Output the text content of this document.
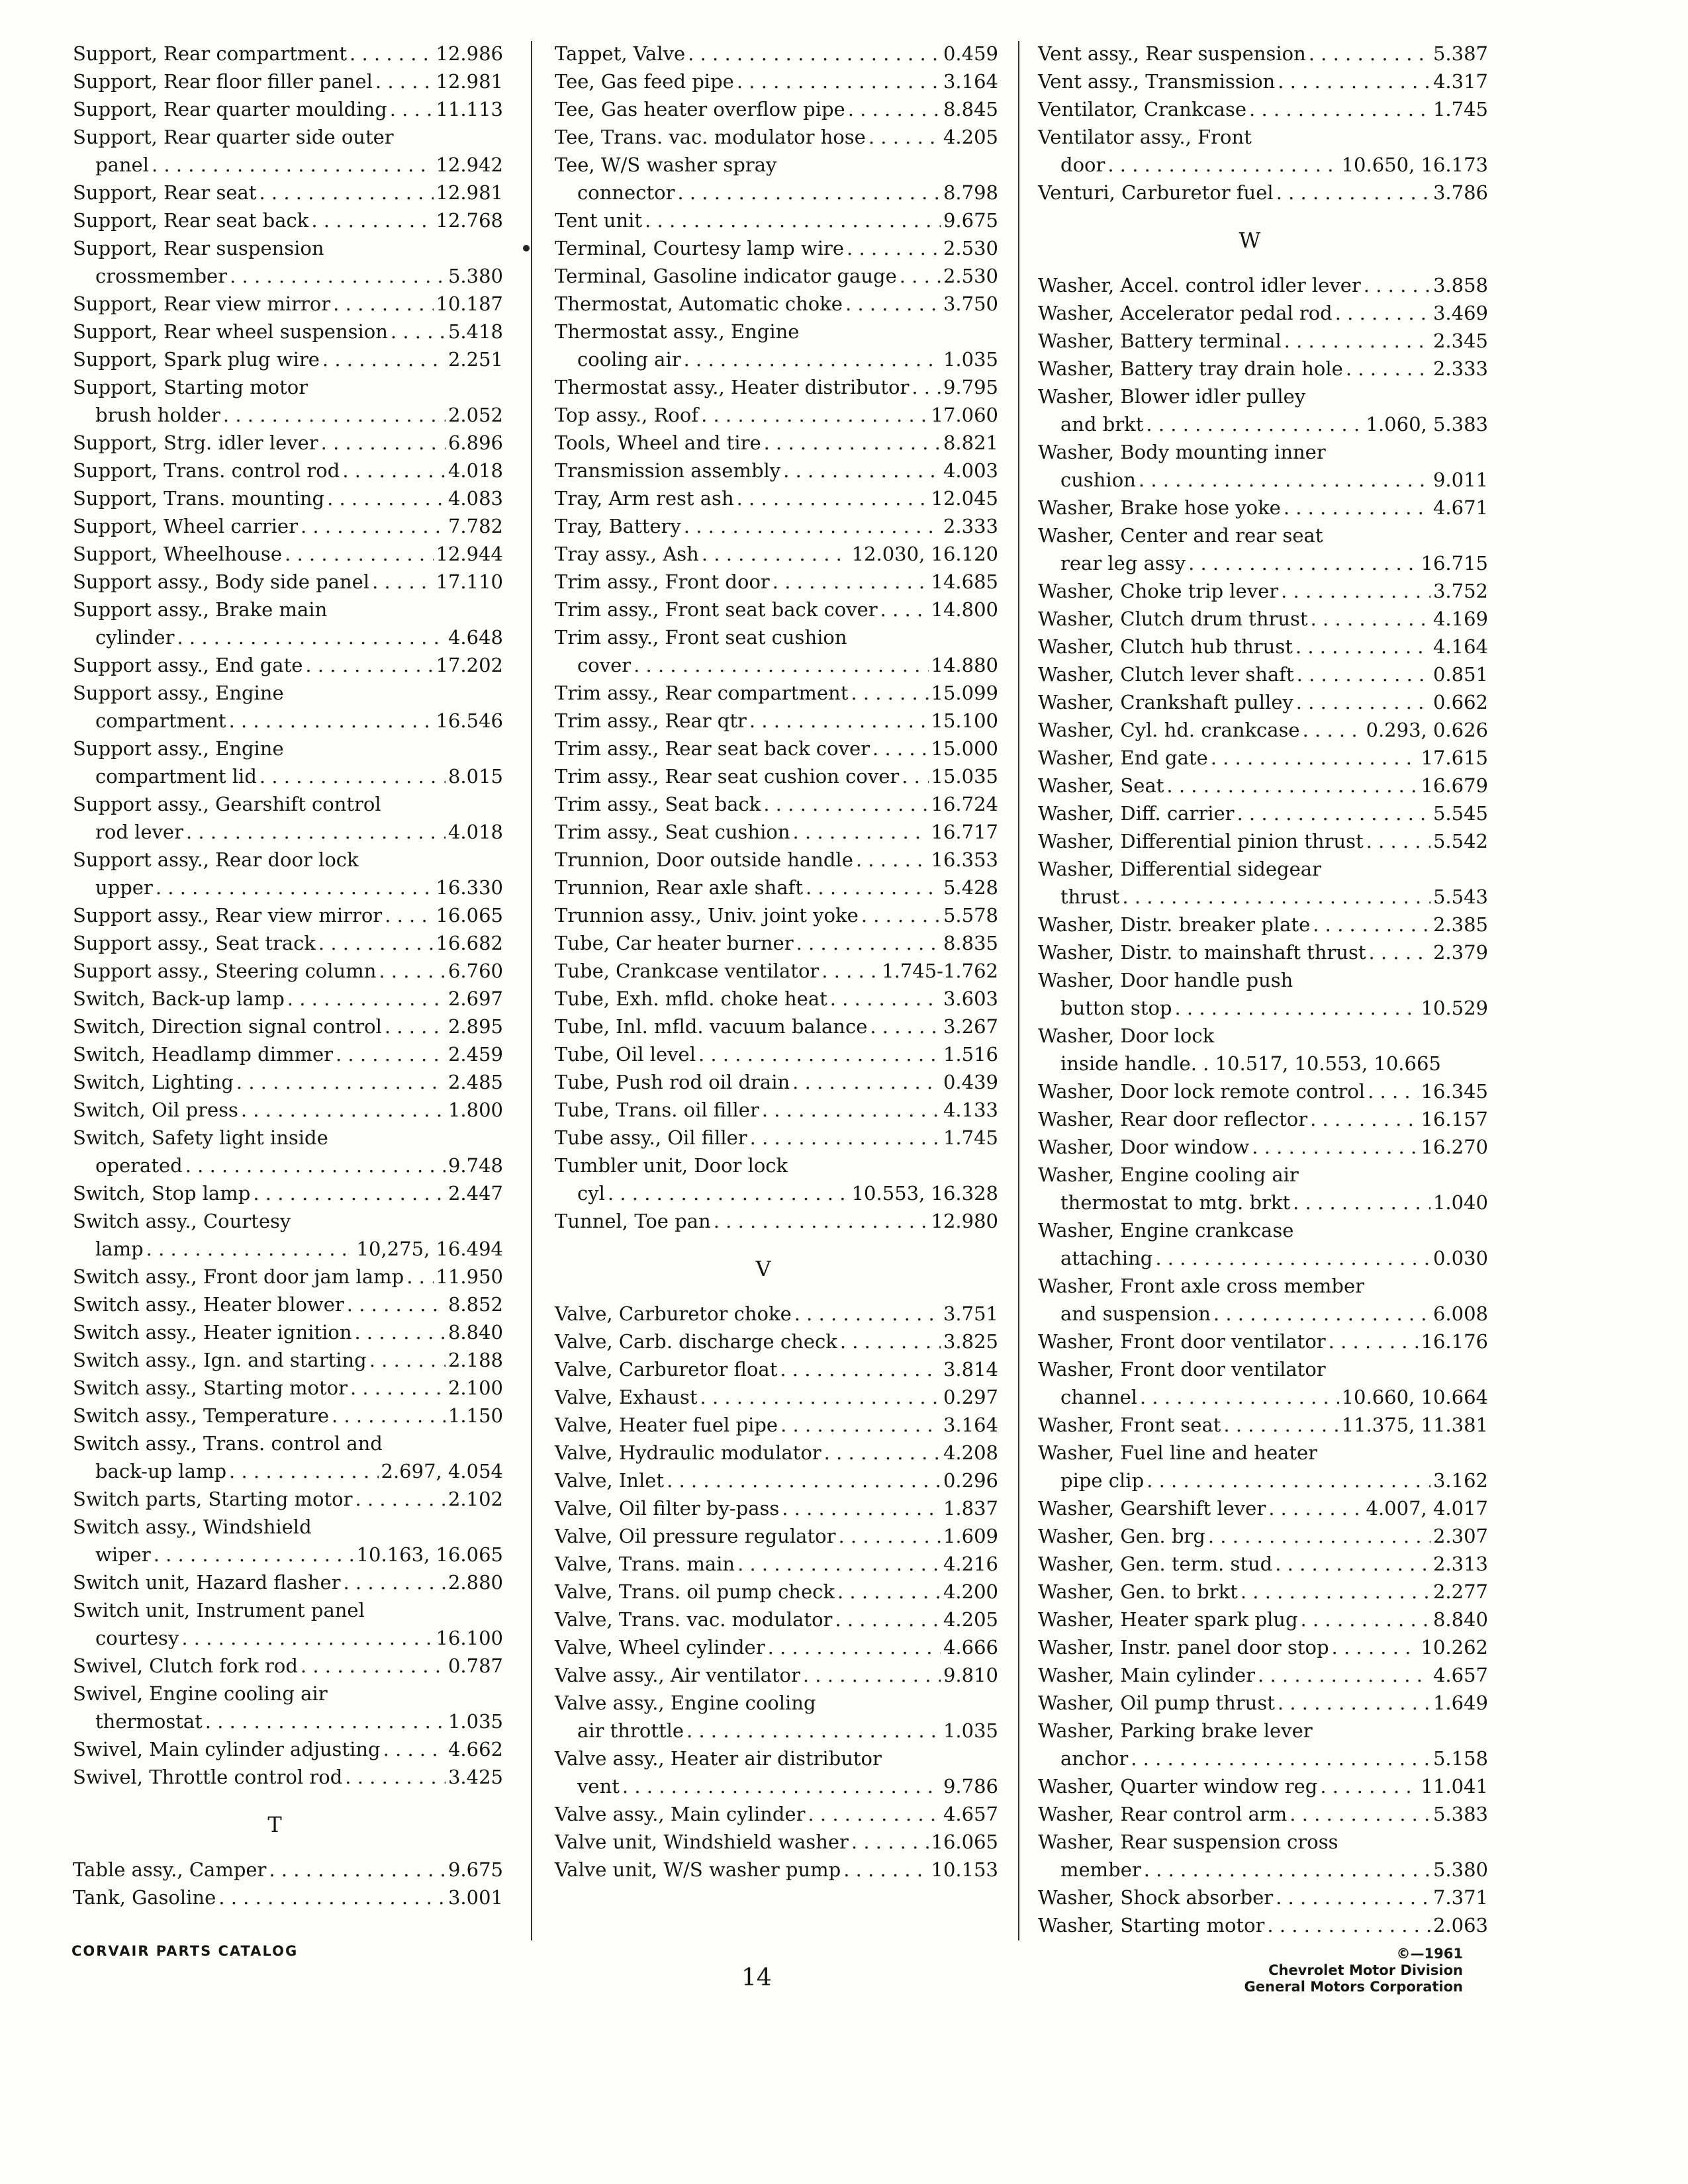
Support, Rear compartment . . .	12.986
Support, Rear floor filler panel . . .	12.981
Support, Rear quarter moulding . . .	11.113
Support, Rear quarter side outer
panel . . .	12.942
Support, Rear seat . . .	12.981
Support, Rear seat back . . .	12.768
Support, Rear suspension
crossmember . . .	5.380
Support, Rear view mirror . . .	10.187
Support, Rear wheel suspension . . .	5.418
Support, Spark plug wire . . .	2.251
Support, Starting motor
brush holder . . .	2.052
Support, Strg. idler lever . . .	6.896
Support, Trans. control rod . . .	4.018
Support, Trans. mounting . . .	4.083
Support, Wheel carrier . . .	7.782
Support, Wheelhouse . . .	12.944
Support assy., Body side panel . . .	17.110
Support assy., Brake main
cylinder . . .	4.648
Support assy., End gate . . .	17.202
Support assy., Engine
compartment . . .	16.546
Support assy., Engine
compartment lid . . .	8.015
Support assy., Gearshift control
rod lever . . .	4.018
Support assy., Rear door lock
upper . . .	16.330
Support assy., Rear view mirror . . .	16.065
Support assy., Seat track . . .	16.682
Support assy., Steering column . . .	6.760
Switch, Back-up lamp . . .	2.697
Switch, Direction signal control . . .	2.895
Switch, Headlamp dimmer . . .	2.459
Switch, Lighting . . .	2.485
Switch, Oil press . . .	1.800
Switch, Safety light inside
operated . . .	9.748
Switch, Stop lamp . . .	2.447
Switch assy., Courtesy
lamp . . .	10,275, 16.494
Switch assy., Front door jam lamp . . . 11.950
Switch assy., Heater blower . . .	8.852
Switch assy., Heater ignition . . .	8.840
Switch assy., Ign. and starting . . .	2.188
Switch assy., Starting motor . . .	2.100
Switch assy., Temperature . . .	1.150
Switch assy., Trans. control and
back-up lamp . . .	2.697, 4.054
Switch parts, Starting motor . . .	2.102
Switch assy., Windshield
wiper . . .	10.163, 16.065
Switch unit, Hazard flasher . . .	2.880
Switch unit, Instrument panel
courtesy . . .	16.100
Swivel, Clutch fork rod . . .	0.787
Swivel, Engine cooling air
thermostat . . .	1.035
Swivel, Main cylinder adjusting . . .	4.662
Swivel, Throttle control rod . . .	3.425
T
Table assy., Camper . . .	9.675
Tank, Gasoline . . .	3.001
Tappet, Valve . . .	0.459
Tee, Gas feed pipe . . .	3.164
Tee, Gas heater overflow pipe . . .	8.845
Tee, Trans. vac. modulator hose . . .	4.205
Tee, W/S washer spray
connector . . .	8.798
Tent unit . . .	9.675
Terminal, Courtesy lamp wire . . .	2.530
Terminal, Gasoline indicator gauge . . . 2.530
Thermostat, Automatic choke . . .	3.750
Thermostat assy., Engine
cooling air . . .	1.035
Thermostat assy., Heater distributor . . . 9.795
Top assy., Roof . . .	17.060
Tools, Wheel and tire . . .	8.821
Transmission assembly . . .	4.003
Tray, Arm rest ash . . .	12.045
Tray, Battery . . .	2.333
Tray assy., Ash . . .	12.030, 16.120
Trim assy., Front door . . .	14.685
Trim assy., Front seat back cover . . .	14.800
Trim assy., Front seat cushion
cover . . .	14.880
Trim assy., Rear compartment . . .	15.099
Trim assy., Rear qtr . . .	15.100
Trim assy., Rear seat back cover . . .	15.000
Trim assy., Rear seat cushion cover . . . 15.035
Trim assy., Seat back . . .	16.724
Trim assy., Seat cushion . . .	16.717
Trunnion, Door outside handle . . .	16.353
Trunnion, Rear axle shaft . . .	5.428
Trunnion assy., Univ. joint yoke . . .	5.578
Tube, Car heater burner . . .	8.835
Tube, Crankcase ventilator . . .	1.745-1.762
Tube, Exh. mfld. choke heat . . .	3.603
Tube, Inl. mfld. vacuum balance . . .	3.267
Tube, Oil level . . .	1.516
Tube, Push rod oil drain . . .	0.439
Tube, Trans. oil filler . . .	4.133
Tube assy., Oil filler . . .	1.745
Tumbler unit, Door lock
cyl . . .	10.553, 16.328
Tunnel, Toe pan . . .	12.980
V
Valve, Carburetor choke . . .	3.751
Valve, Carb. discharge check . . .	3.825
Valve, Carburetor float . . .	3.814
Valve, Exhaust . . .	0.297
Valve, Heater fuel pipe . . .	3.164
Valve, Hydraulic modulator . . .	4.208
Valve, Inlet . . .	0.296
Valve, Oil filter by-pass . . .	1.837
Valve, Oil pressure regulator . . .	1.609
Valve, Trans. main . . .	4.216
Valve, Trans. oil pump check . . .	4.200
Valve, Trans. vac. modulator . . .	4.205
Valve, Wheel cylinder . . .	4.666
Valve assy., Air ventilator . . .	9.810
Valve assy., Engine cooling
air throttle . . .	1.035
Valve assy., Heater air distributor
vent . . .	9.786
Valve assy., Main cylinder . . .	4.657
Valve unit, Windshield washer . . .	16.065
Valve unit, W/S washer pump . . .	10.153
Vent assy., Rear suspension . . .	5.387
Vent assy., Transmission . . .	4.317
Ventilator, Crankcase . . .	1.745
Ventilator assy., Front
door . . .	10.650, 16.173
Venturi, Carburetor fuel . . .	3.786
W
Washer, Accel. control idler lever . . .	3.858
Washer, Accelerator pedal rod . . .	3.469
Washer, Battery terminal . . .	2.345
Washer, Battery tray drain hole . . .	2.333
Washer, Blower idler pulley
and brkt . . .	1.060, 5.383
Washer, Body mounting inner
cushion . . .	9.011
Washer, Brake hose yoke . . .	4.671
Washer, Center and rear seat
rear leg assy . . .	16.715
Washer, Choke trip lever . . .	3.752
Washer, Clutch drum thrust . . .	4.169
Washer, Clutch hub thrust . . .	4.164
Washer, Clutch lever shaft . . .	0.851
Washer, Crankshaft pulley . . .	0.662
Washer, Cyl. hd. crankcase . . .	0.293, 0.626
Washer, End gate . . .	17.615
Washer, Seat . . .	16.679
Washer, Diff. carrier . . .	5.545
Washer, Differential pinion thrust . . .	5.542
Washer, Differential sidegear
thrust . . .	5.543
Washer, Distr. breaker plate . . .	2.385
Washer, Distr. to mainshaft thrust . . .	2.379
Washer, Door handle push
button stop . . .	10.529
Washer, Door lock
inside handle. . 10.517, 10.553, 10.665
Washer, Door lock remote control . . .	16.345
Washer, Rear door reflector . . .	16.157
Washer, Door window . . .	16.270
Washer, Engine cooling air
thermostat to mtg. brkt . . .	1.040
Washer, Engine crankcase
attaching . . .	0.030
Washer, Front axle cross member
and suspension . . .	6.008
Washer, Front door ventilator . . .	16.176
Washer, Front door ventilator
channel . . .	10.660, 10.664
Washer, Front seat . . .	11.375, 11.381
Washer, Fuel line and heater
pipe clip . . .	3.162
Washer, Gearshift lever . . .	4.007, 4.017
Washer, Gen. brg . . .	2.307
Washer, Gen. term. stud . . .	2.313
Washer, Gen. to brkt . . .	2.277
Washer, Heater spark plug . . .	8.840
Washer, Instr. panel door stop . . .	10.262
Washer, Main cylinder . . .	4.657
Washer, Oil pump thrust . . .	1.649
Washer, Parking brake lever
anchor . . .	5.158
Washer, Quarter window reg . . .	11.041
Washer, Rear control arm . . .	5.383
Washer, Rear suspension cross
member . . .	5.380
Washer, Shock absorber . . .	7.371
Washer, Starting motor . . .	2.063
CORVAIR PARTS CATALOG
14
©—1961
Chevrolet Motor Division
General Motors Corporation
